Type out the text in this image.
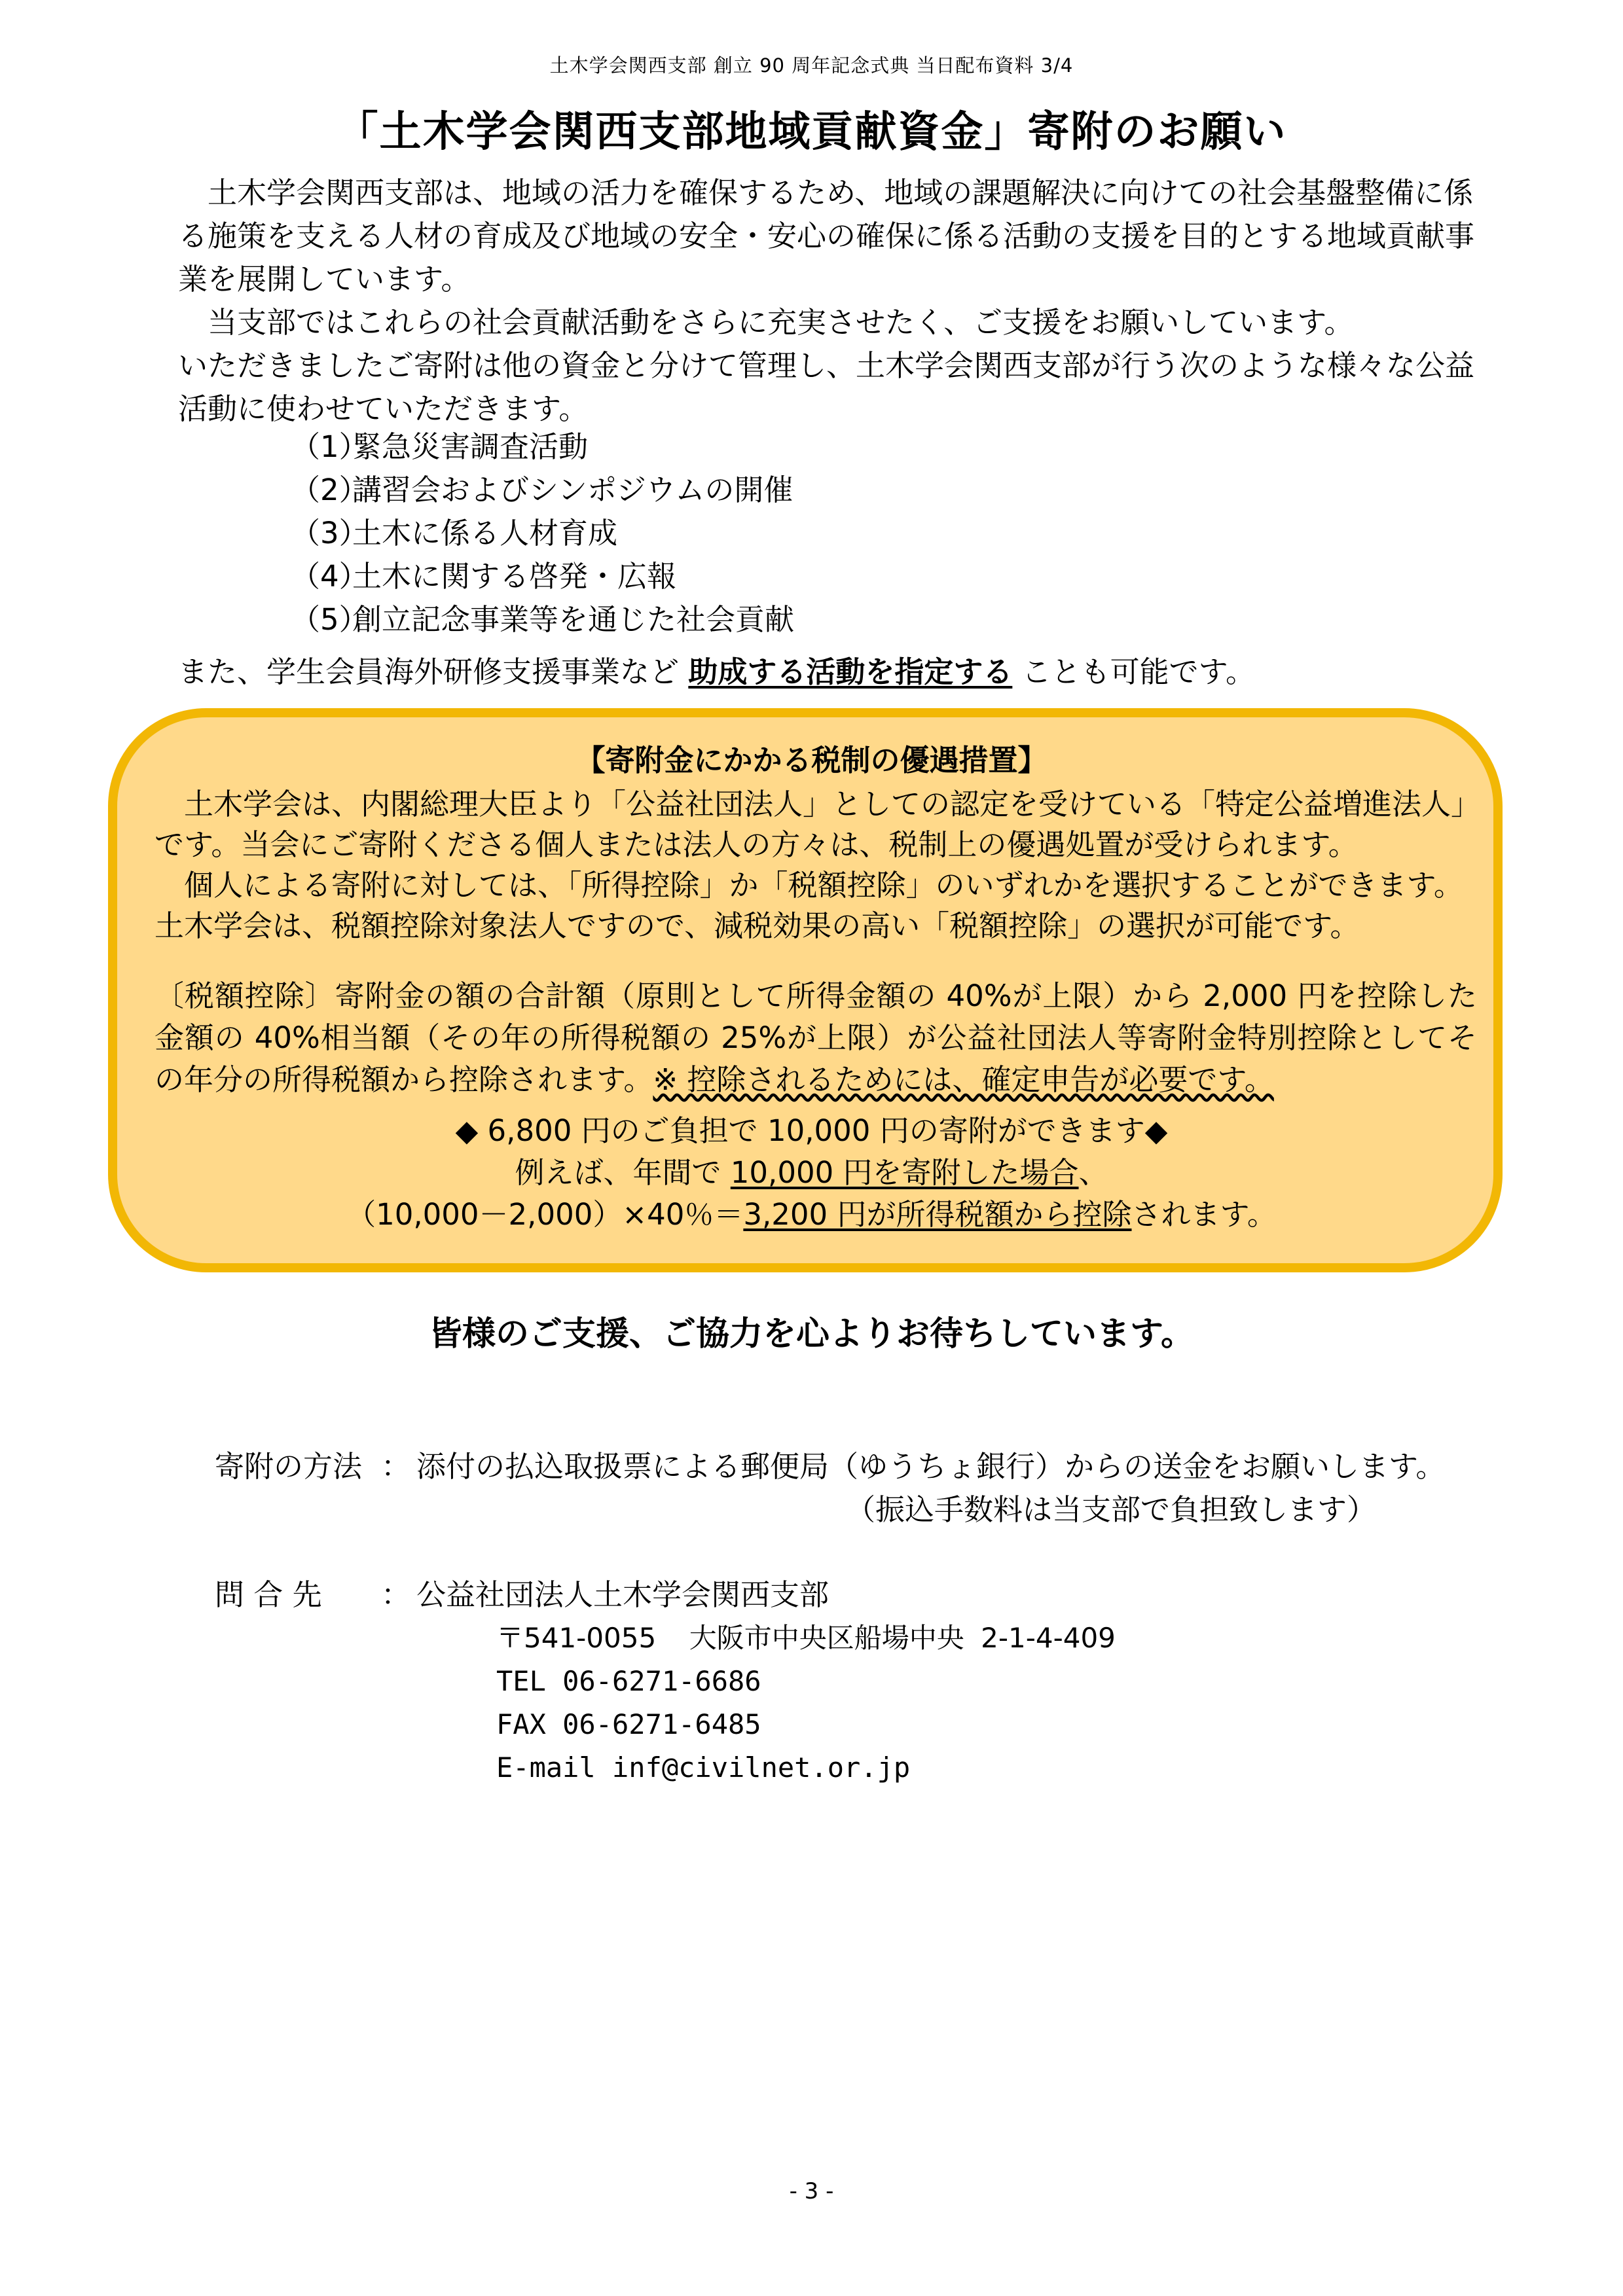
土木学会関西支部 創立 90 周年記念式典 当日配布資料 3/4
「土木学会関西支部地域貢献資金」寄附のお願い

土木学会関西支部は、地域の活力を確保するため、地域の課題解決に向けての社会基盤整備に係る施策を支える人材の育成及び地域の安全・安心の確保に係る活動の支援を目的とする地域貢献事業を展開しています。

当支部ではこれらの社会貢献活動をさらに充実させたく、ご支援をお願いしています。

いただきましたご寄附は他の資金と分けて管理し、土木学会関西支部が行う次のような様々な公益活動に使わせていただきます。

（1）緊急災害調査活動
（2）講習会およびシンポジウムの開催
（3）土木に係る人材育成
（4）土木に関する啓発・広報
（5）創立記念事業等を通じた社会貢献
また、学生会員海外研修支援事業など 助成する活動を指定する ことも可能です。
【寄附金にかかる税制の優遇措置】

土木学会は、内閣総理大臣より「公益社団法人」としての認定を受けている「特定公益増進法人」です。当会にご寄附くださる個人または法人の方々は、税制上の優遇処置が受けられます。

個人による寄附に対しては、「所得控除」か「税額控除」のいずれかを選択することができます。土木学会は、税額控除対象法人ですので、減税効果の高い「税額控除」の選択が可能です。

〔税額控除〕寄附金の額の合計額（原則として所得金額の 40%が上限）から 2,000 円を控除した金額の 40%相当額（その年の所得税額の 25%が上限）が公益社団法人等寄附金特別控除としてその年分の所得税額から控除されます。※ 控除されるためには、確定申告が必要です。

◆ 6,800 円のご負担で 10,000 円の寄附ができます◆

例えば、年間で 10,000 円を寄附した場合、

（10,000－2,000）×40％＝3,200 円が所得税額から控除されます。

皆様のご支援、ご協力を心よりお待ちしています。
寄附の方法 ： 添付の払込取扱票による郵便局（ゆうちょ銀行）からの送金をお願いします。
（振込手数料は当支部で負担致します）
問 合 先 ： 公益社団法人土木学会関西支部
〒541-0055 大阪市中央区船場中央 2-1-4-409
TEL 06-6271-6686
FAX 06-6271-6485
E-mail inf@civilnet.or.jp
- 3 -
